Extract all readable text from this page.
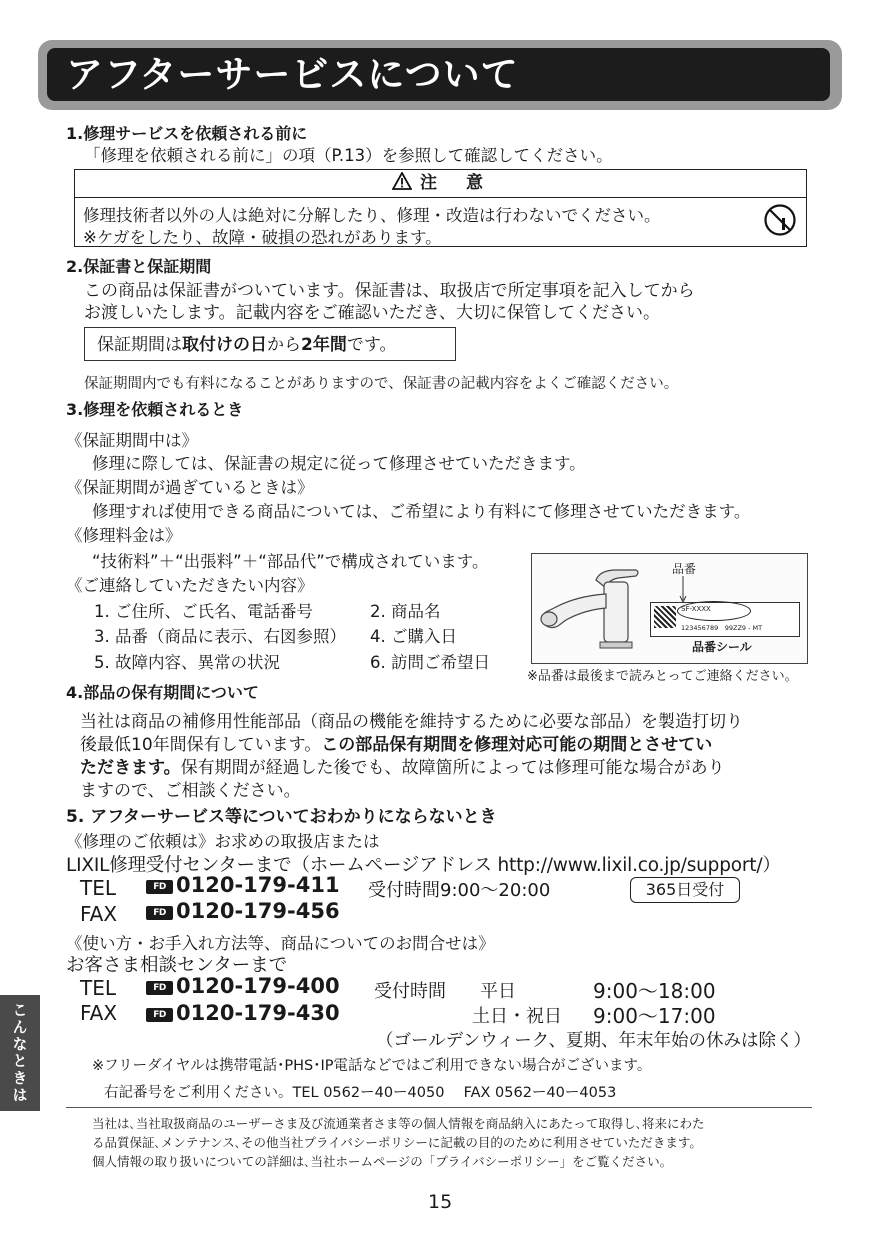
アフターサービスについて
1.修理サービスを依頼される前に
「修理を依頼される前に」の項（P.13）を参照して確認してください。
注　意
修理技術者以外の人は絶対に分解したり、修理・改造は行わないでください。
※ケガをしたり、故障・破損の恐れがあります。
2.保証書と保証期間
この商品は保証書がついています。保証書は、取扱店で所定事項を記入してから
お渡しいたします。記載内容をご確認いただき、大切に保管してください。
保証期間は取付けの日から2年間です。
保証期間内でも有料になることがありますので、保証書の記載内容をよくご確認ください。
3.修理を依頼されるとき
《保証期間中は》
修理に際しては、保証書の規定に従って修理させていただきます。
《保証期間が過ぎているときは》
修理すれば使用できる商品については、ご希望により有料にて修理させていただきます。
《修理料金は》
“技術料”＋“出張料”＋“部品代”で構成されています。
《ご連絡していただきたい内容》
1. ご住所、ご氏名、電話番号	2. 商品名
3. 品番（商品に表示、右図参照） 4. ご購入日
5. 故障内容、異常の状況	6. 訪問ご希望日
品番
SF-XXXX
123456789　99ZZ9 - MT
品番シール
※品番は最後まで読みとってご連絡ください。
4.部品の保有期間について
当社は商品の補修用性能部品（商品の機能を維持するために必要な部品）を製造打切り
後最低10年間保有しています。この部品保有期間を修理対応可能の期間とさせてい
ただきます。保有期間が経過した後でも、故障箇所によっては修理可能な場合があり
ますので、ご相談ください。
5. アフターサービス等についておわかりにならないとき
《修理のご依頼は》お求めの取扱店または
LIXIL修理受付センターまで（ホームページアドレス http://www.lixil.co.jp/support/）
TEL	FD 0120-179-411 受付時間9:00〜20:00	365日受付
FAX	FD 0120-179-456
《使い方・お手入れ方法等、商品についてのお問合せは》
お客さま相談センターまで
TEL	FD 0120-179-400 受付時間 平日	9:00〜18:00
FAX	FD 0120-179-430	土日・祝日 9:00〜17:00
（ゴールデンウィーク、夏期、年末年始の休みは除く）
※フリーダイヤルは携帯電話･PHS･IP電話などではご利用できない場合がございます。
右記番号をご利用ください。TEL 0562ー40ー4050　 FAX 0562ー40ー4053
当社は､当社取扱商品のユーザーさま及び流通業者さま等の個人情報を商品納入にあたって取得し､将来にわた
る品質保証､メンテナンス､その他当社プライバシーポリシーに記載の目的のために利用させていただきます。
個人情報の取り扱いについての詳細は､当社ホームページの「プライバシーポリシー」をご覧ください。
15
こんなときは
